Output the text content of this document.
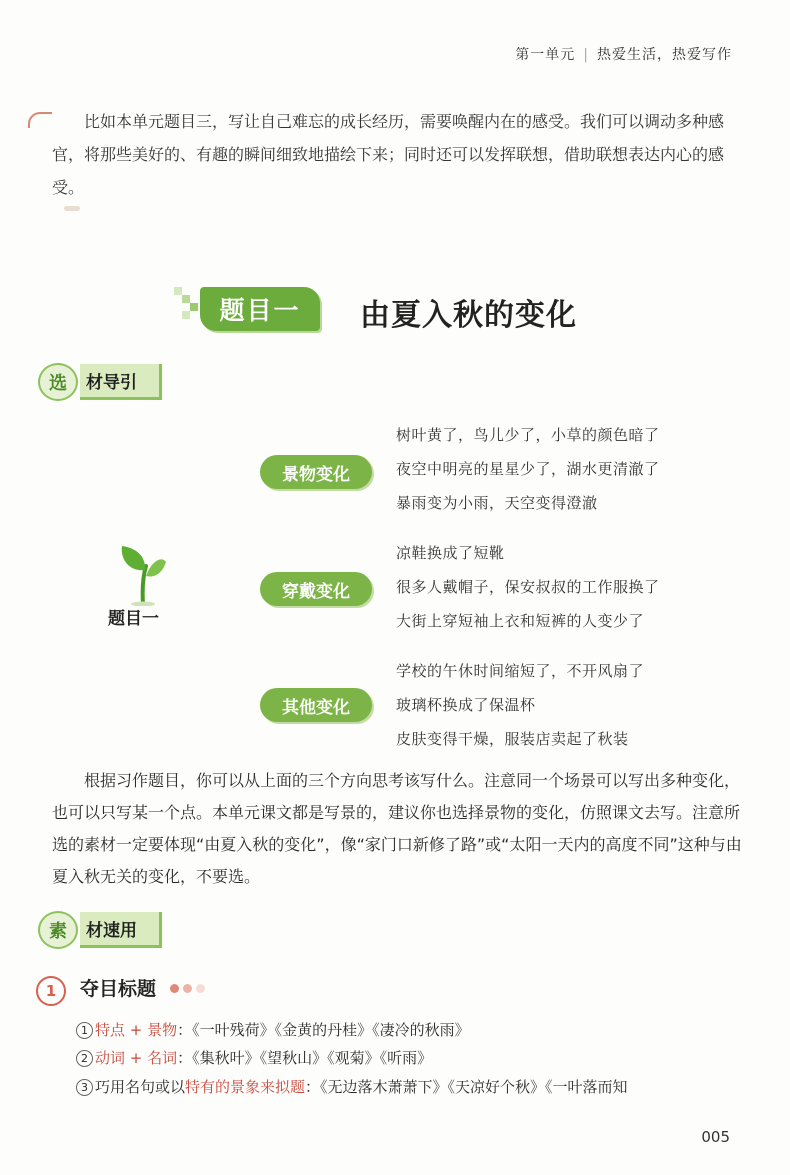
第一单元 | 热爱生活，热爱写作

比如本单元题目三，写让自己难忘的成长经历，需要唤醒内在的感受。我们可以调动多种感官，将那些美好的、有趣的瞬间细致地描绘下来；同时还可以发挥联想，借助联想表达内心的感受。

题目一	由夏入秋的变化
选	材导引
题目一
景物变化
树叶黄了，鸟儿少了，小草的颜色暗了
夜空中明亮的星星少了，湖水更清澈了
暴雨变为小雨，天空变得澄澈
穿戴变化
凉鞋换成了短靴
很多人戴帽子，保安叔叔的工作服换了
大街上穿短袖上衣和短裤的人变少了
其他变化
学校的午休时间缩短了，不开风扇了
玻璃杯换成了保温杯
皮肤变得干燥，服装店卖起了秋装

根据习作题目，你可以从上面的三个方向思考该写什么。注意同一个场景可以写出多种变化，也可以只写某一个点。本单元课文都是写景的，建议你也选择景物的变化，仿照课文去写。注意所选的素材一定要体现“由夏入秋的变化”，像“家门口新修了路”或“太阳一天内的高度不同”这种与由夏入秋无关的变化，不要选。

素	材速用
1	夺目标题
1 特点 + 景物：《一叶残荷》《金黄的丹桂》《凄冷的秋雨》
2 动词 + 名词：《集秋叶》《望秋山》《观菊》《听雨》
3 巧用名句或以特有的景象来拟题：《无边落木萧萧下》《天凉好个秋》《一叶落而知
005
